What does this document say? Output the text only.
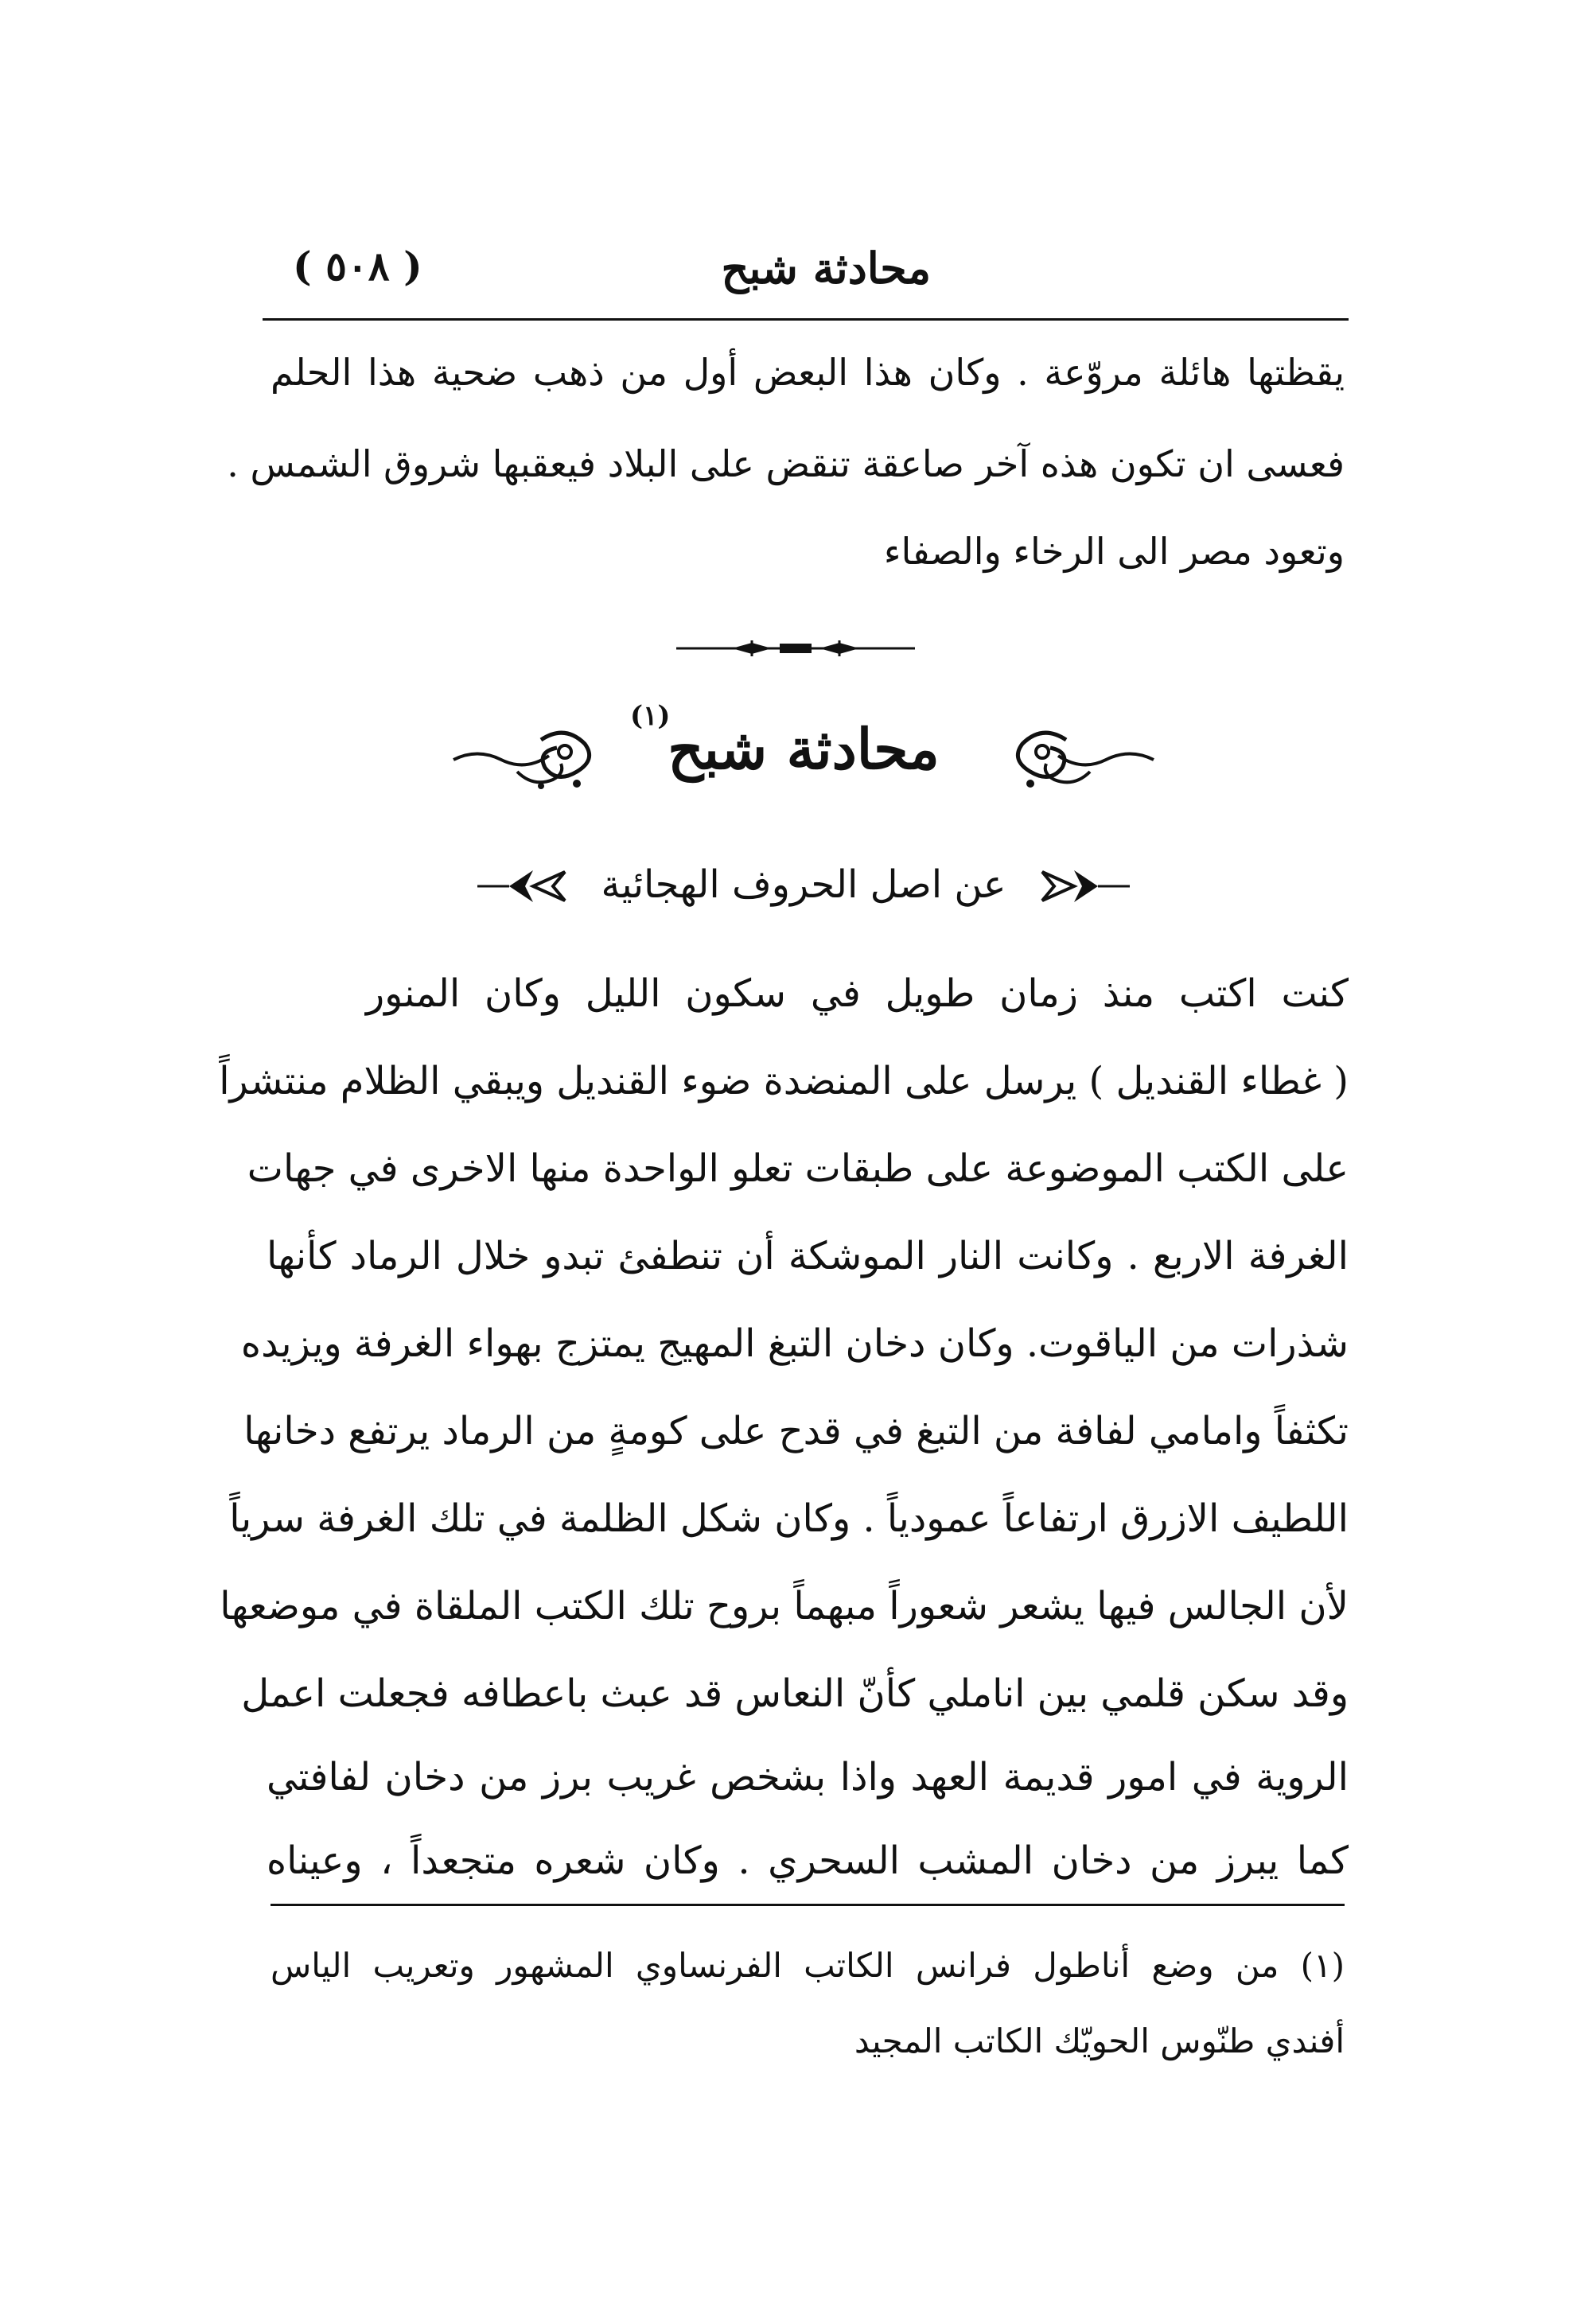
محادثة شبح
( ٥٠٨ )
يقظتها هائلة مروّعة . وكان هذا البعض أول من ذهب ضحية هذا الحلم
فعسى ان تكون هذه آخر صاعقة تنقض على البلاد فيعقبها شروق الشمس .
وتعود مصر الى الرخاء والصفاء
(١)
محادثة شبح
عن اصل الحروف الهجائية
كنت اكتب منذ زمان طويل في سكون الليل وكان المنور
( غطاء القنديل ) يرسل على المنضدة ضوء القنديل ويبقي الظلام منتشراً
على الكتب الموضوعة على طبقات تعلو الواحدة منها الاخرى في جهات
الغرفة الاربع . وكانت النار الموشكة أن تنطفئ تبدو خلال الرماد كأنها
شذرات من الياقوت. وكان دخان التبغ المهيج يمتزج بهواء الغرفة ويزيده
تكثفاً وامامي لفافة من التبغ في قدح على كومةٍ من الرماد يرتفع دخانها
اللطيف الازرق ارتفاعاً عمودياً . وكان شكل الظلمة في تلك الغرفة سرياً
لأن الجالس فيها يشعر شعوراً مبهماً بروح تلك الكتب الملقاة في موضعها
وقد سكن قلمي بين اناملي كأنّ النعاس قد عبث باعطافه فجعلت اعمل
الروية في امور قديمة العهد واذا بشخص غريب برز من دخان لفافتي
كما يبرز من دخان المشب السحري . وكان شعره متجعداً ، وعيناه
(١) من وضع أناطول فرانس الكاتب الفرنساوي المشهور وتعريب الياس
أفندي طنّوس الحويّك الكاتب المجيد
